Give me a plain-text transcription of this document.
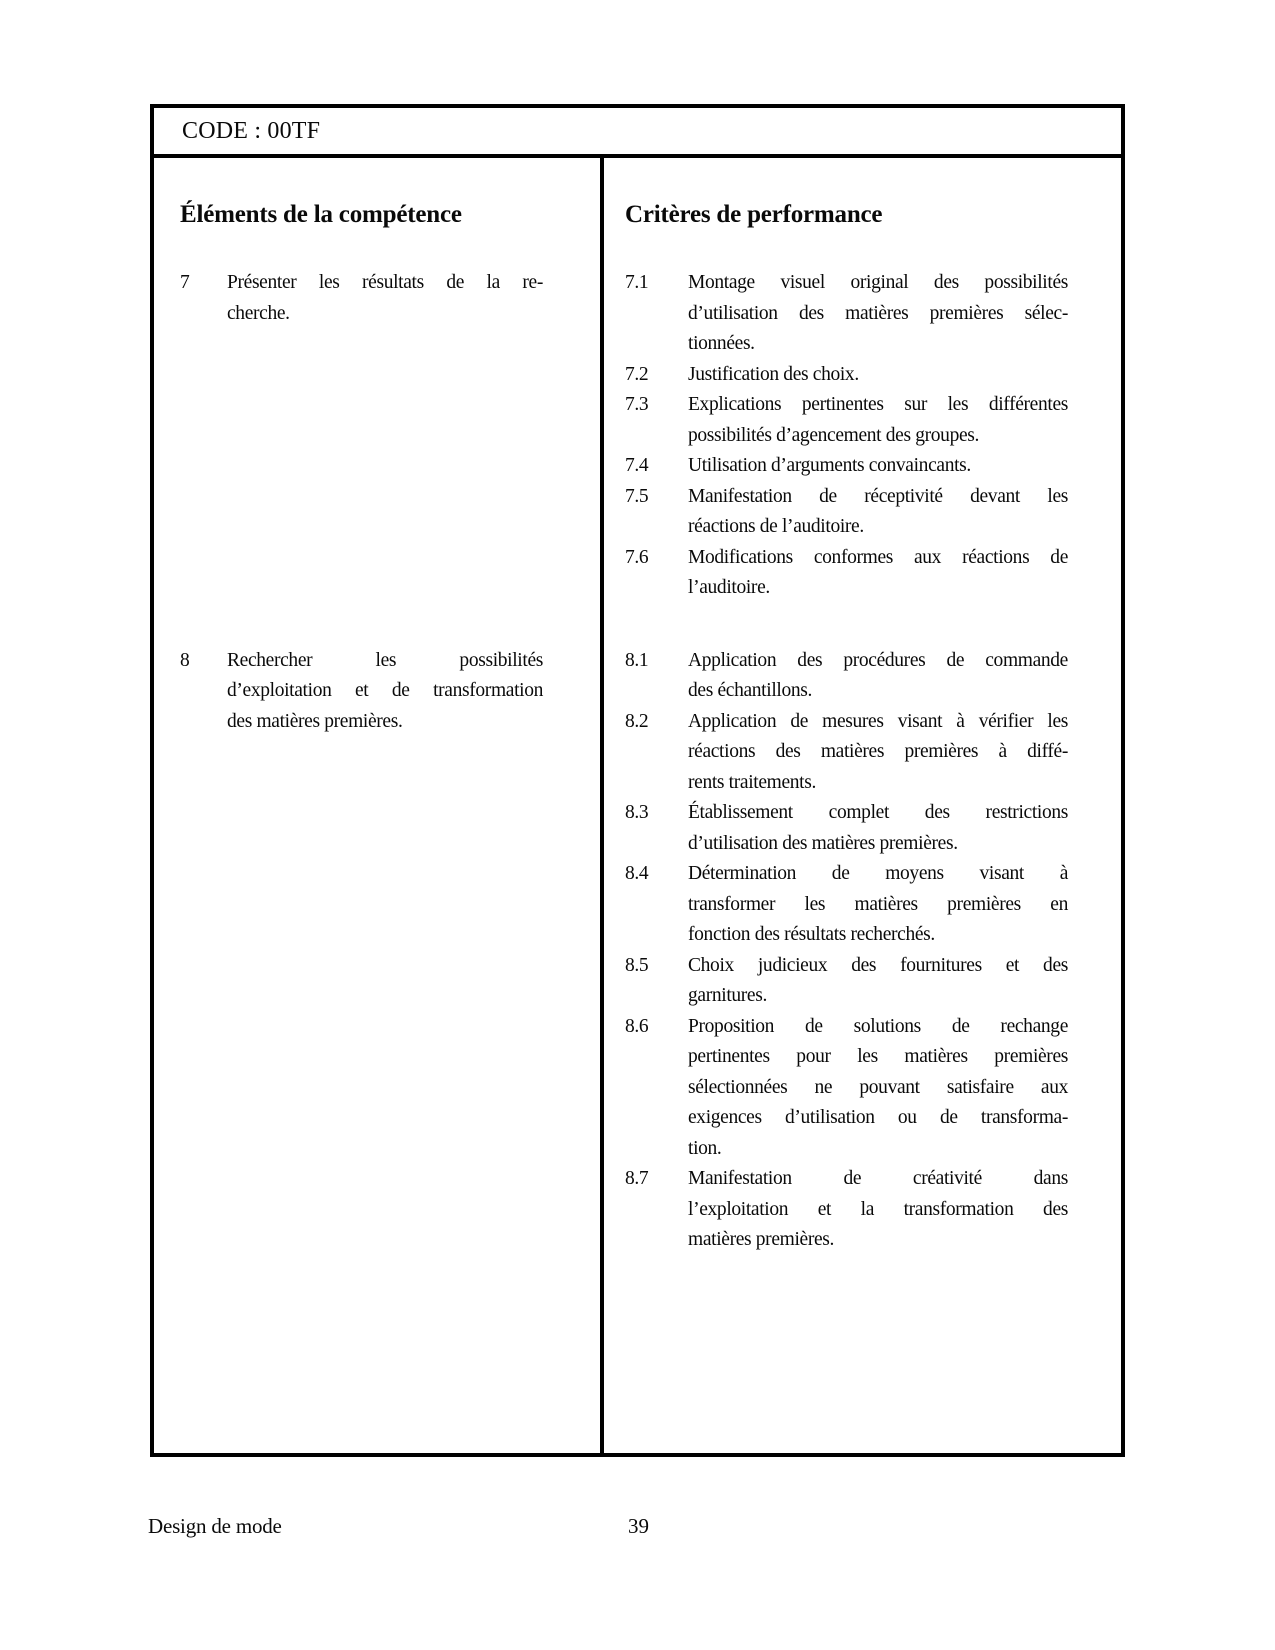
CODE : 00TF
Éléments de la compétence	Critères de performance
7	Présenter les résultats de la re-
cherche.
7.1	Montage visuel original des possibilités
d’utilisation des matières premières sélec-
tionnées.
7.2	Justification des choix.
7.3	Explications pertinentes sur les différentes
possibilités d’agencement des groupes.
7.4	Utilisation d’arguments convaincants.
7.5	Manifestation de réceptivité devant les
réactions de l’auditoire.
7.6	Modifications conformes aux réactions de
l’auditoire.
8	Rechercher les possibilités
d’exploitation et de transformation
des matières premières.
8.1	Application des procédures de commande
des échantillons.
8.2	Application de mesures visant à vérifier les
réactions des matières premières à diffé-
rents traitements.
8.3	Établissement complet des restrictions
d’utilisation des matières premières.
8.4	Détermination de moyens visant à
transformer les matières premières en
fonction des résultats recherchés.
8.5	Choix judicieux des fournitures et des
garnitures.
8.6	Proposition de solutions de rechange
pertinentes pour les matières premières
sélectionnées ne pouvant satisfaire aux
exigences d’utilisation ou de transforma-
tion.
8.7	Manifestation de créativité dans
l’exploitation et la transformation des
matières premières.
Design de mode	39
